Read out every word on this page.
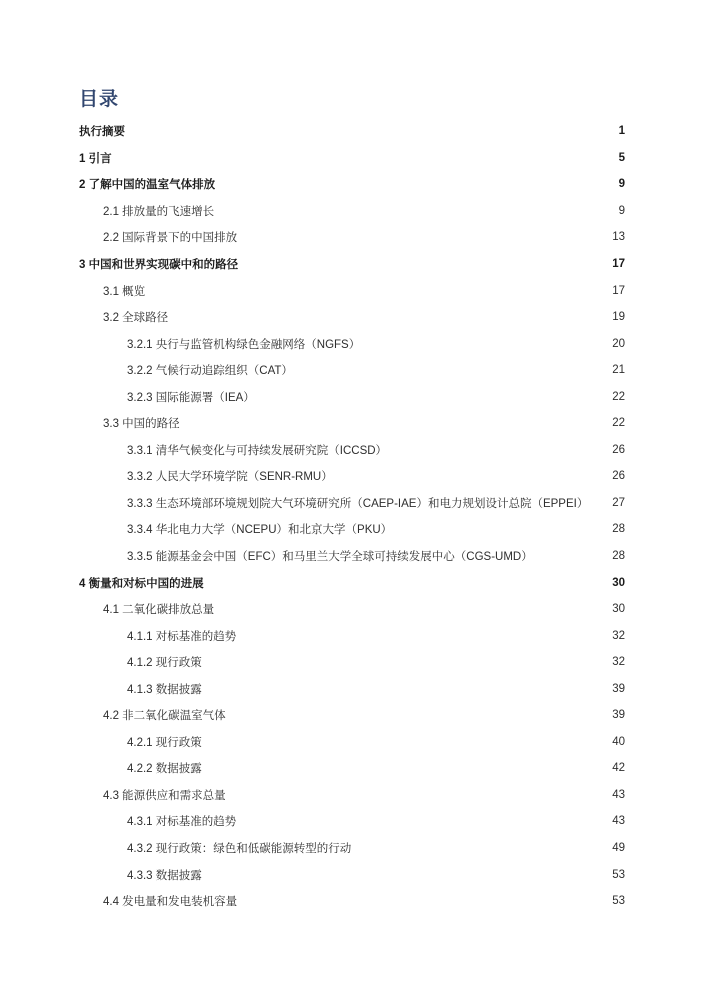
目录
执行摘要	1
1 引言	5
2 了解中国的温室气体排放	9
2.1 排放量的飞速增长	9
2.2 国际背景下的中国排放	13
3 中国和世界实现碳中和的路径	17
3.1 概览	17
3.2 全球路径	19
3.2.1 央行与监管机构绿色金融网络（NGFS）	20
3.2.2 气候行动追踪组织（CAT）	21
3.2.3 国际能源署（IEA）	22
3.3 中国的路径	22
3.3.1 清华气候变化与可持续发展研究院（ICCSD）	26
3.3.2 人民大学环境学院（SENR-RMU）	26
3.3.3 生态环境部环境规划院大气环境研究所（CAEP-IAE）和电力规划设计总院（EPPEI）	27
3.3.4 华北电力大学（NCEPU）和北京大学（PKU）	28
3.3.5 能源基金会中国（EFC）和马里兰大学全球可持续发展中心（CGS-UMD）	28
4 衡量和对标中国的进展	30
4.1 二氧化碳排放总量	30
4.1.1 对标基准的趋势	32
4.1.2 现行政策	32
4.1.3 数据披露	39
4.2 非二氧化碳温室气体	39
4.2.1 现行政策	40
4.2.2 数据披露	42
4.3 能源供应和需求总量	43
4.3.1 对标基准的趋势	43
4.3.2 现行政策：绿色和低碳能源转型的行动	49
4.3.3 数据披露	53
4.4 发电量和发电装机容量	53
